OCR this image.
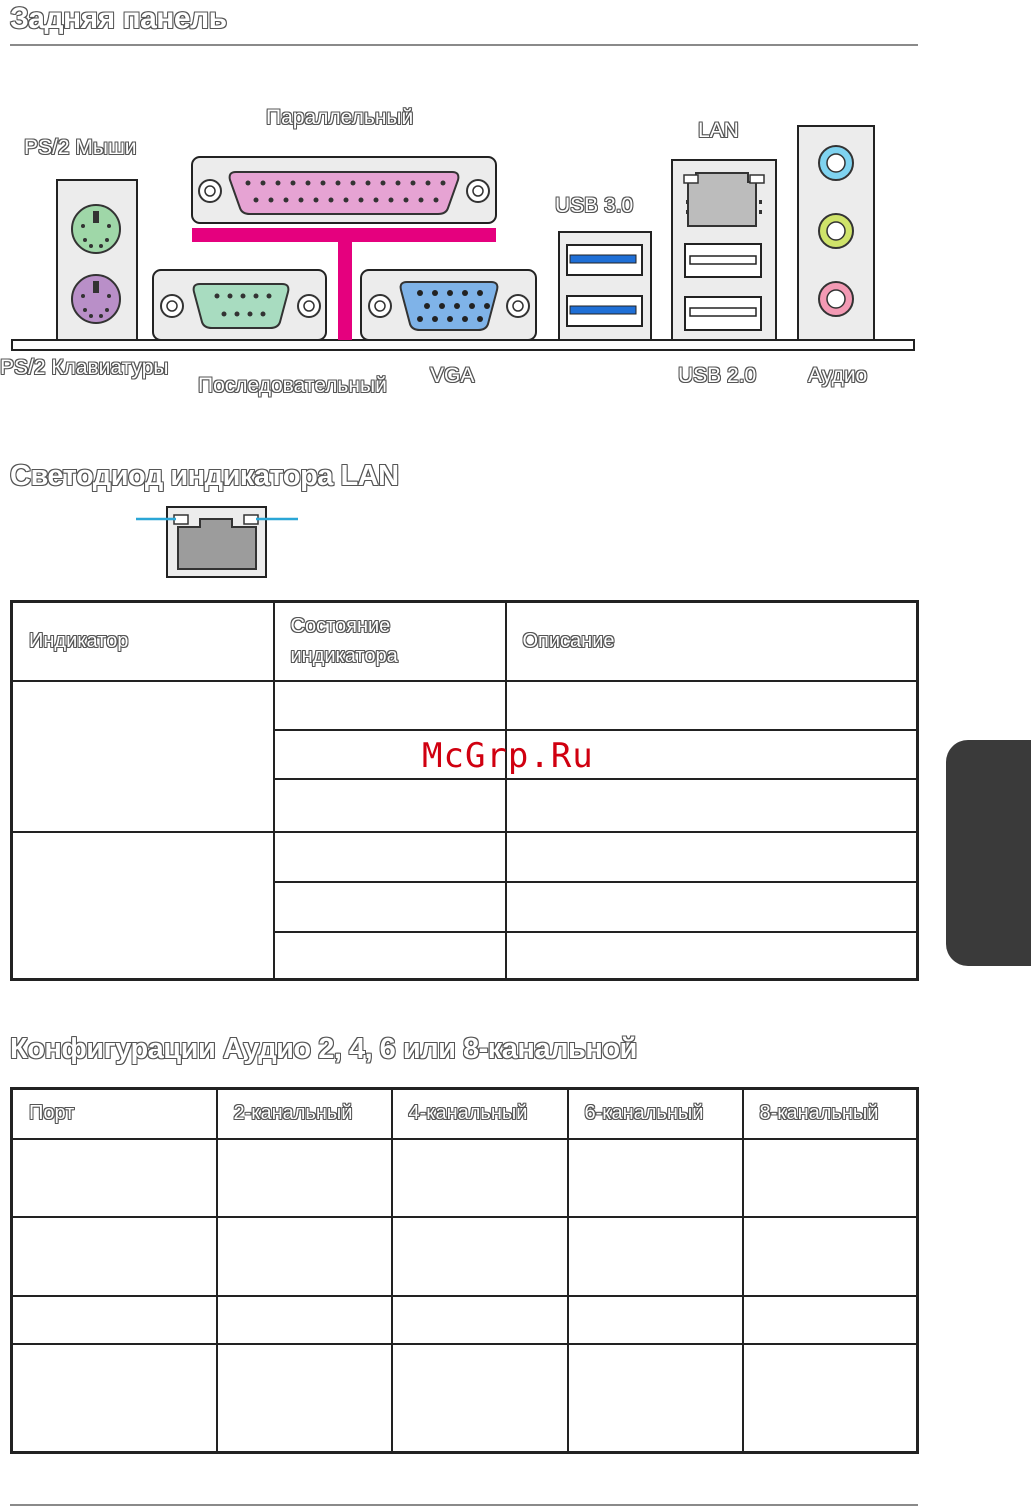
Задняя панель
PS/2 Мыши
Параллельный
LAN
USB 3.0
PS/2 Клавиатуры
Последовательный VGA	USB 2.0 Аудио
Светодиод индикатора LAN
Индикатор	Состояние индикатора	Описание

Конфигурации Аудио 2, 4, 6 или 8-канальной
Порт	2-канальный	4-канальный	6-канальный	8-канальный

McGrp.Ru
